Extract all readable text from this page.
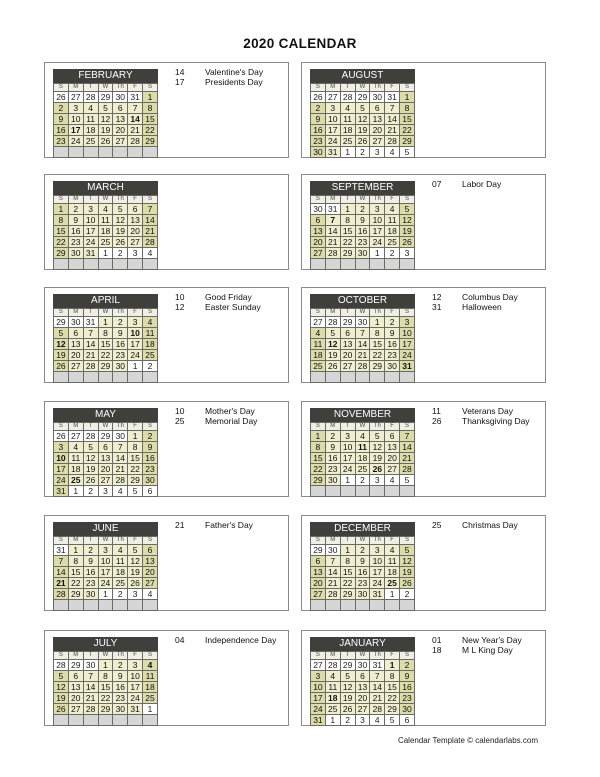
2020 CALENDAR
FEBRUARY
S	M	T	W	Th	F	S
26	27	28	29	30	31	1
2	3	4	5	6	7	8
9	10	11	12	13	14	15
16	17	18	19	20	21	22
23	24	25	26	27	28	29

14	Valentine's Day
17	Presidents Day
MARCH
S	M	T	W	Th	F	S
1	2	3	4	5	6	7
8	9	10	11	12	13	14
15	16	17	18	19	20	21
22	23	24	25	26	27	28
29	30	31	1	2	3	4

APRIL
S	M	T	W	Th	F	S
29	30	31	1	2	3	4
5	6	7	8	9	10	11
12	13	14	15	16	17	18
19	20	21	22	23	24	25
26	27	28	29	30	1	2

10	Good Friday
12	Easter Sunday
MAY
S	M	T	W	Th	F	S
26	27	28	29	30	1	2
3	4	5	6	7	8	9
10	11	12	13	14	15	16
17	18	19	20	21	22	23
24	25	26	27	28	29	30
31	1	2	3	4	5	6
10	Mother's Day
25	Memorial Day
JUNE
S	M	T	W	Th	F	S
31	1	2	3	4	5	6
7	8	9	10	11	12	13
14	15	16	17	18	19	20
21	22	23	24	25	26	27
28	29	30	1	2	3	4

21	Father's Day
JULY
S	M	T	W	Th	F	S
28	29	30	1	2	3	4
5	6	7	8	9	10	11
12	13	14	15	16	17	18
19	20	21	22	23	24	25
26	27	28	29	30	31	1

04	Independence Day
AUGUST
S	M	T	W	Th	F	S
26	27	28	29	30	31	1
2	3	4	5	6	7	8
9	10	11	12	13	14	15
16	17	18	19	20	21	22
23	24	25	26	27	28	29
30	31	1	2	3	4	5
SEPTEMBER
S	M	T	W	Th	F	S
30	31	1	2	3	4	5
6	7	8	9	10	11	12
13	14	15	16	17	18	19
20	21	22	23	24	25	26
27	28	29	30	1	2	3

07	Labor Day
OCTOBER
S	M	T	W	Th	F	S
27	28	29	30	1	2	3
4	5	6	7	8	9	10
11	12	13	14	15	16	17
18	19	20	21	22	23	24
25	26	27	28	29	30	31

12	Columbus Day
31	Halloween
NOVEMBER
S	M	T	W	Th	F	S
1	2	3	4	5	6	7
8	9	10	11	12	13	14
15	16	17	18	19	20	21
22	23	24	25	26	27	28
29	30	1	2	3	4	5

11	Veterans Day
26	Thanksgiving Day
DECEMBER
S	M	T	W	Th	F	S
29	30	1	2	3	4	5
6	7	8	9	10	11	12
13	14	15	16	17	18	19
20	21	22	23	24	25	26
27	28	29	30	31	1	2

25	Christmas Day
JANUARY
S	M	T	W	Th	F	S
27	28	29	30	31	1	2
3	4	5	6	7	8	9
10	11	12	13	14	15	16
17	18	19	20	21	22	23
24	25	26	27	28	29	30
31	1	2	3	4	5	6
01	New Year's Day
18	M L King Day
Calendar Template © calendarlabs.com
